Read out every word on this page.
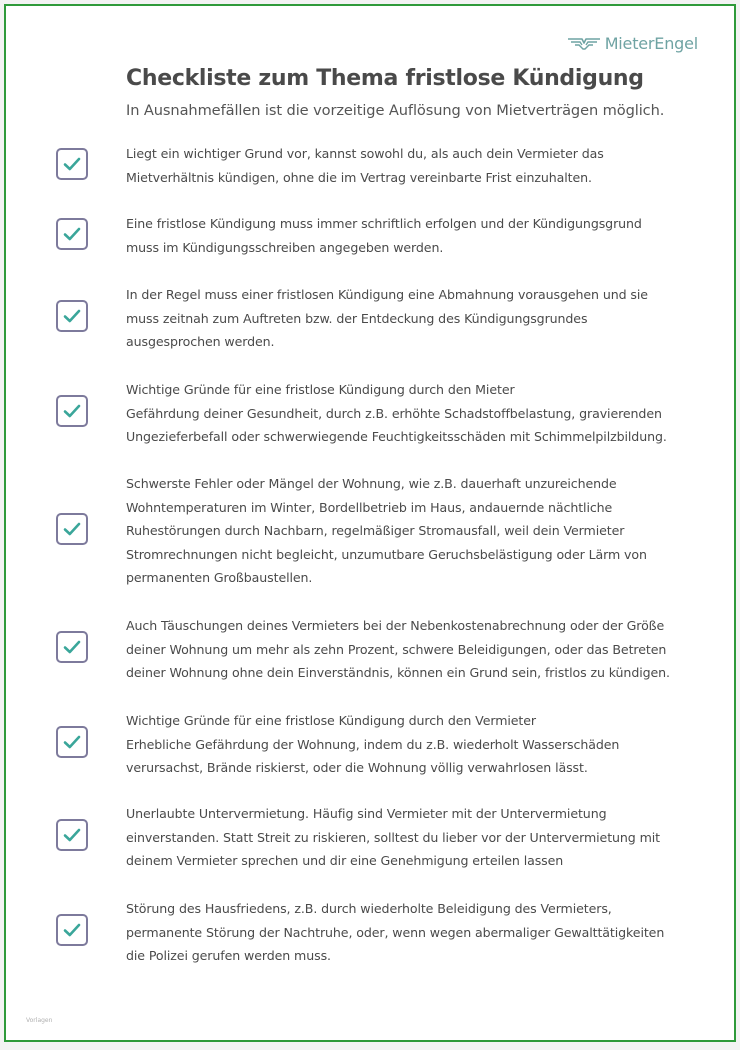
MieterEngel
Checkliste zum Thema fristlose Kündigung

In Ausnahmefällen ist die vorzeitige Auflösung von Mietverträgen möglich.

Liegt ein wichtiger Grund vor, kannst sowohl du, als auch dein Vermieter das
Mietverhältnis kündigen, ohne die im Vertrag vereinbarte Frist einzuhalten.

Eine fristlose Kündigung muss immer schriftlich erfolgen und der Kündigungsgrund
muss im Kündigungsschreiben angegeben werden.

In der Regel muss einer fristlosen Kündigung eine Abmahnung vorausgehen und sie
muss zeitnah zum Auftreten bzw. der Entdeckung des Kündigungsgrundes
ausgesprochen werden.

Wichtige Gründe für eine fristlose Kündigung durch den Mieter
Gefährdung deiner Gesundheit, durch z.B. erhöhte Schadstoffbelastung, gravierenden
Ungezieferbefall oder schwerwiegende Feuchtigkeitsschäden mit Schimmelpilzbildung.

Schwerste Fehler oder Mängel der Wohnung, wie z.B. dauerhaft unzureichende
Wohntemperaturen im Winter, Bordellbetrieb im Haus, andauernde nächtliche
Ruhestörungen durch Nachbarn, regelmäßiger Stromausfall, weil dein Vermieter
Stromrechnungen nicht begleicht, unzumutbare Geruchsbelästigung oder Lärm von
permanenten Großbaustellen.

Auch Täuschungen deines Vermieters bei der Nebenkostenabrechnung oder der Größe
deiner Wohnung um mehr als zehn Prozent, schwere Beleidigungen, oder das Betreten
deiner Wohnung ohne dein Einverständnis, können ein Grund sein, fristlos zu kündigen.

Wichtige Gründe für eine fristlose Kündigung durch den Vermieter
Erhebliche Gefährdung der Wohnung, indem du z.B. wiederholt Wasserschäden
verursachst, Brände riskierst, oder die Wohnung völlig verwahrlosen lässt.

Unerlaubte Untervermietung. Häufig sind Vermieter mit der Untervermietung
einverstanden. Statt Streit zu riskieren, solltest du lieber vor der Untervermietung mit
deinem Vermieter sprechen und dir eine Genehmigung erteilen lassen

Störung des Hausfriedens, z.B. durch wiederholte Beleidigung des Vermieters,
permanente Störung der Nachtruhe, oder, wenn wegen abermaliger Gewalttätigkeiten
die Polizei gerufen werden muss.

Vorlagen
